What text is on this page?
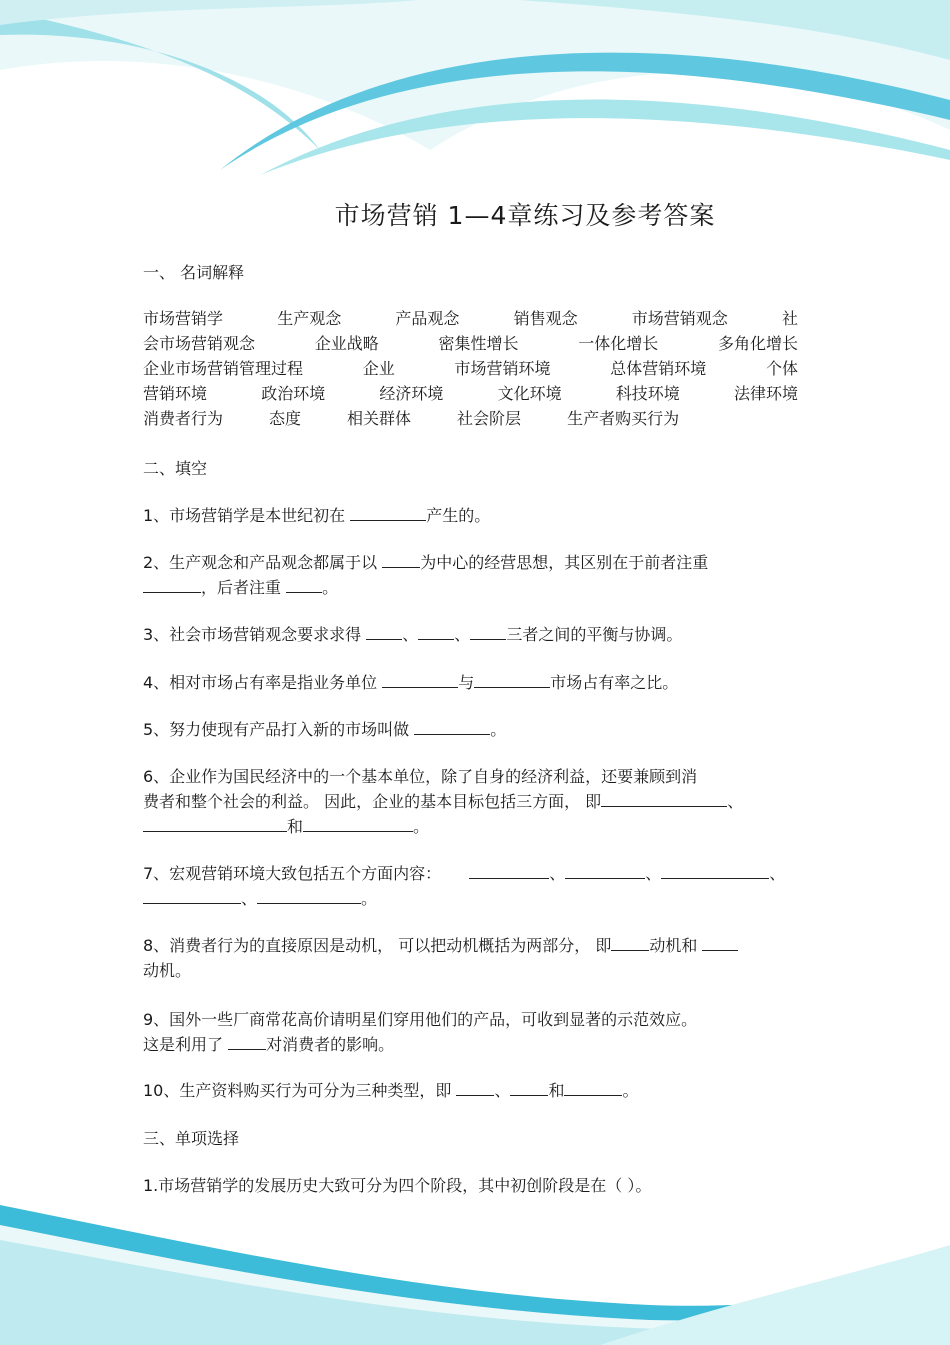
市场营销 1—4章练习及参考答案
一、 名词解释
市场营销学	生产观念	产品观念	销售观念	市场营销观念	社
会市场营销观念	企业战略	密集性增长	一体化增长	多角化增长
企业市场营销管理过程	企业	市场营销环境	总体营销环境	个体
营销环境	政治环境	经济环境	文化环境	科技环境	法律环境
消费者行为	态度	相关群体	社会阶层	生产者购买行为
二、填空
1、市场营销学是本世纪初在	产生的。
2、生产观念和产品观念都属于以 为中心的经营思想，其区别在于前者注重
，后者注重 。
3、社会市场营销观念要求求得 、 、 三者之间的平衡与协调。
4、相对市场占有率是指业务单位	与	市场占有率之比。
5、努力使现有产品打入新的市场叫做	。
6、企业作为国民经济中的一个基本单位，除了自身的经济利益，还要兼顾到消
费者和整个社会的利益。 因此，企业的基本目标包括三方面， 即	、
和	。
7、宏观营销环境大致包括五个方面内容：	、	、	、
、	。
8、消费者行为的直接原因是动机， 可以把动机概括为两部分， 即 动机和
动机。
9、国外一些厂商常花高价请明星们穿用他们的产品，可收到显著的示范效应。
这是利用了 对消费者的影响。
10、生产资料购买行为可分为三种类型，即 、 和	。
三、单项选择
1.市场营销学的发展历史大致可分为四个阶段，其中初创阶段是在（ ）。
